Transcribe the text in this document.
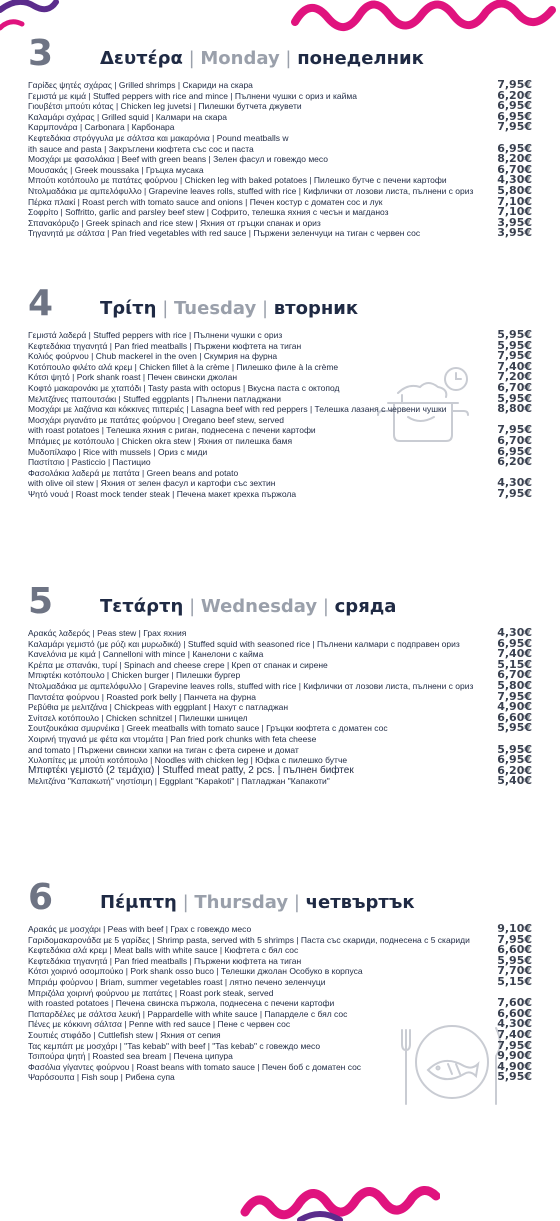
3	Δευτέρα | Monday | понеделник
Γαρίδες ψητές σχάρας | Grilled shrimps | Скариди на скара	7,95€
Γεμιστά με κιμά | Stuffed peppers with rice and mince | Пълнени чушки с ориз и кайма	6,20€
Γιουβέτσι μπούτι κότας | Chicken leg juvetsi | Пилешки бутчета джувети	6,95€
Καλαμάρι σχάρας | Grilled squid | Калмари на скара	6,95€
Καρμπονάρα | Carbonara | Карбонара	7,95€
Κεφτεδάκια στρόγγυλα με σάλτσα και μακαρόνια | Pound meatballs w
ith sauce and pasta | Закръглени кюфтета със сос и паста	6,95€
Μοσχάρι με φασολάκια | Beef with green beans | Зелен фасул и говеждо месо	8,20€
Μουσακάς | Greek moussaka | Гръцка мусака	6,70€
Μπούτι κοτόπουλο με πατάτες φούρνου | Chicken leg with baked potatoes | Пилешко бутче с печени картофи	4,30€
Ντολμαδάκια με αμπελόφυλλο | Grapevine leaves rolls, stuffed with rice | Кифлички от лозови листа, пълнени с ориз 5,80€
Πέρκα πλακί | Roast perch with tomato sauce and onions | Печен костур с доматен сос и лук	7,10€
Σοφρίτο | Soffritto, garlic and parsley beef stew | Софрито, телешка яхния с чесън и магданоз	7,10€
Σπανακόρυζο | Greek spinach and rice stew | Яхния от гръцки спанак и ориз	3,95€
Τηγανητά με σάλτσα | Pan fried vegetables with red sauce | Пържени зеленчуци на тиган с червен сос	3,95€
4	Τρίτη | Tuesday | вторник
Γεμιστά λαδερά | Stuffed peppers with rice | Пълнени чушки с ориз	5,95€
Κεφτεδάκια τηγανητά | Pan fried meatballs | Пържени кюфтета на тиган	5,95€
Κολιός φούρνου | Chub mackerel in the oven | Скумрия на фурна	7,95€
Κοτόπουλο φιλέτο αλά κρεμ | Chicken fillet à la crème | Пилешко филе à la crème	7,40€
Κότσι ψητό | Pork shank roast | Печен свински джолан	7,20€
Κοφτό μακαρονάκι με χταπόδι | Tasty pasta with octopus | Вкусна паста с октопод	6,70€
Μελιτζάνες παπουτσάκι | Stuffed eggplants | Пълнени патладжани	5,95€
Μοσχάρι με λαζάνια και κόκκινες πιπεριές | Lasagna beef with red peppers | Телешка лазаня с червени чушки	8,80€
Μοσχάρι ριγανάτο με πατάτες φούρνου | Oregano beef stew, served
with roast potatoes | Телешка яхния с риган, поднесена с печени картофи	7,95€
Μπάμιες με κοτόπουλο | Chicken okra stew | Яхния от пилешка бамя	6,70€
Μυδοπίλαφο | Rice with mussels | Ориз с миди	6,95€
Παστίτσιο | Pasticcio | Пастицио	6,20€
Φασολάκια λαδερά με πατάτα | Green beans and potato
with olive oil stew | Яхния от зелен фасул и картофи със зехтин	4,30€
Ψητό νουά | Roast mock tender steak | Печена макет крехка пържола	7,95€
5	Τετάρτη | Wednesday | сряда
Αρακάς λαδερός | Peas stew | Грах яхния	4,30€
Καλαμάρι γεμιστό (με ρύζι και μυρωδικά) | Stuffed squid with seasoned rice | Пълнени калмари с подправен ориз	6,95€
Κανελόνια με κιμά | Cannelloni with mince | Канелони с кайма	7,40€
Κρέπα με σπανάκι, τυρί | Spinach and cheese crepe | Креп от спанак и сирене	5,15€
Μπιφτέκι κοτόπουλο | Chicken burger | Пилешки бургер	6,70€
Ντολμαδάκια με αμπελόφυλλο | Grapevine leaves rolls, stuffed with rice | Кифлички от лозови листа, пълнени с ориз 5,80€
Παντσέτα φούρνου | Roasted pork belly | Панчета на фурна	7,95€
Ρεβύθια με μελιτζάνα | Chickpeas with eggplant | Нахут с патладжан	4,90€
Σνίτσελ κοτόπουλο | Chicken schnitzel | Пилешки шницел	6,60€
Σουτζουκάκια σμυρνέικα | Greek meatballs with tomato sauce | Гръцки кюфтета с доматен сос	5,95€
Χοιρινή τηγανιά με φέτα και ντομάτα | Pan fried pork chunks with feta cheese
and tomato | Пържени свински хапки на тиган с фета сирене и домат	5,95€
Χυλοπίτες με μπούτι κοτόπουλο | Noodles with chicken leg | Юфка с пилешко бутче	6,95€
Μπιφτέκι γεμιστό (2 τεμάχια) | Stuffed meat patty, 2 pcs. | пълнен бифтек	6,20€
Μελιτζάνα "Καπακωτή" νηστίσιμη | Eggplant "Kapakoti" | Патладжан "Капакоти"	5,40€
6	Πέμπτη | Thursday | четвъртък
Αρακάς με μοσχάρι | Peas with beef | Грах с говеждо месо	9,10€
Γαριδομακαρονάδα με 5 γαρίδες | Shrimp pasta, served with 5 shrimps | Паста със скариди, поднесена с 5 скариди 7,95€
Κεφτεδάκια αλά κρεμ | Meat balls with white sauce | Кюфтета с бял сос	6,60€
Κεφτεδάκια τηγανητά | Pan fried meatballs | Пържени кюфтета на тиган	5,95€
Κότσι χοιρινό οσομπούκο | Pork shank osso buco | Телешки джолан Осoбуко в корпуса	7,70€
Μπριάμ φούρνου | Briam, summer vegetables roast | лятно печено зеленчуци	5,15€
Μπριζόλα χοιρινή φούρνου με πατάτες | Roast pork steak, served
with roasted potatoes | Печена свинска пържола, поднесена с печени картофи	7,60€
Παπαρδέλες με σάλτσα λευκή | Pappardelle with white sauce | Папардeле с бял сос	6,60€
Πένες με κόκκινη σάλτσα | Penne with red sauce | Пене с червен сос	4,30€
Σουπιές στιφάδο | Cuttlefish stew | Яхния от сепия	7,40€
Τας κεμπάπ με μοσχάρι | "Tas kebab" with beef | "Tas kebab" с говеждо месо	7,95€
Τσιπούρα ψητή | Roasted sea bream | Печена ципура	9,90€
Φασόλια γίγαντες φούρνου | Roast beans with tomato sauce | Печен боб с доматен сос	4,90€
Ψαρόσουπα | Fish soup | Рибена супа	5,95€
